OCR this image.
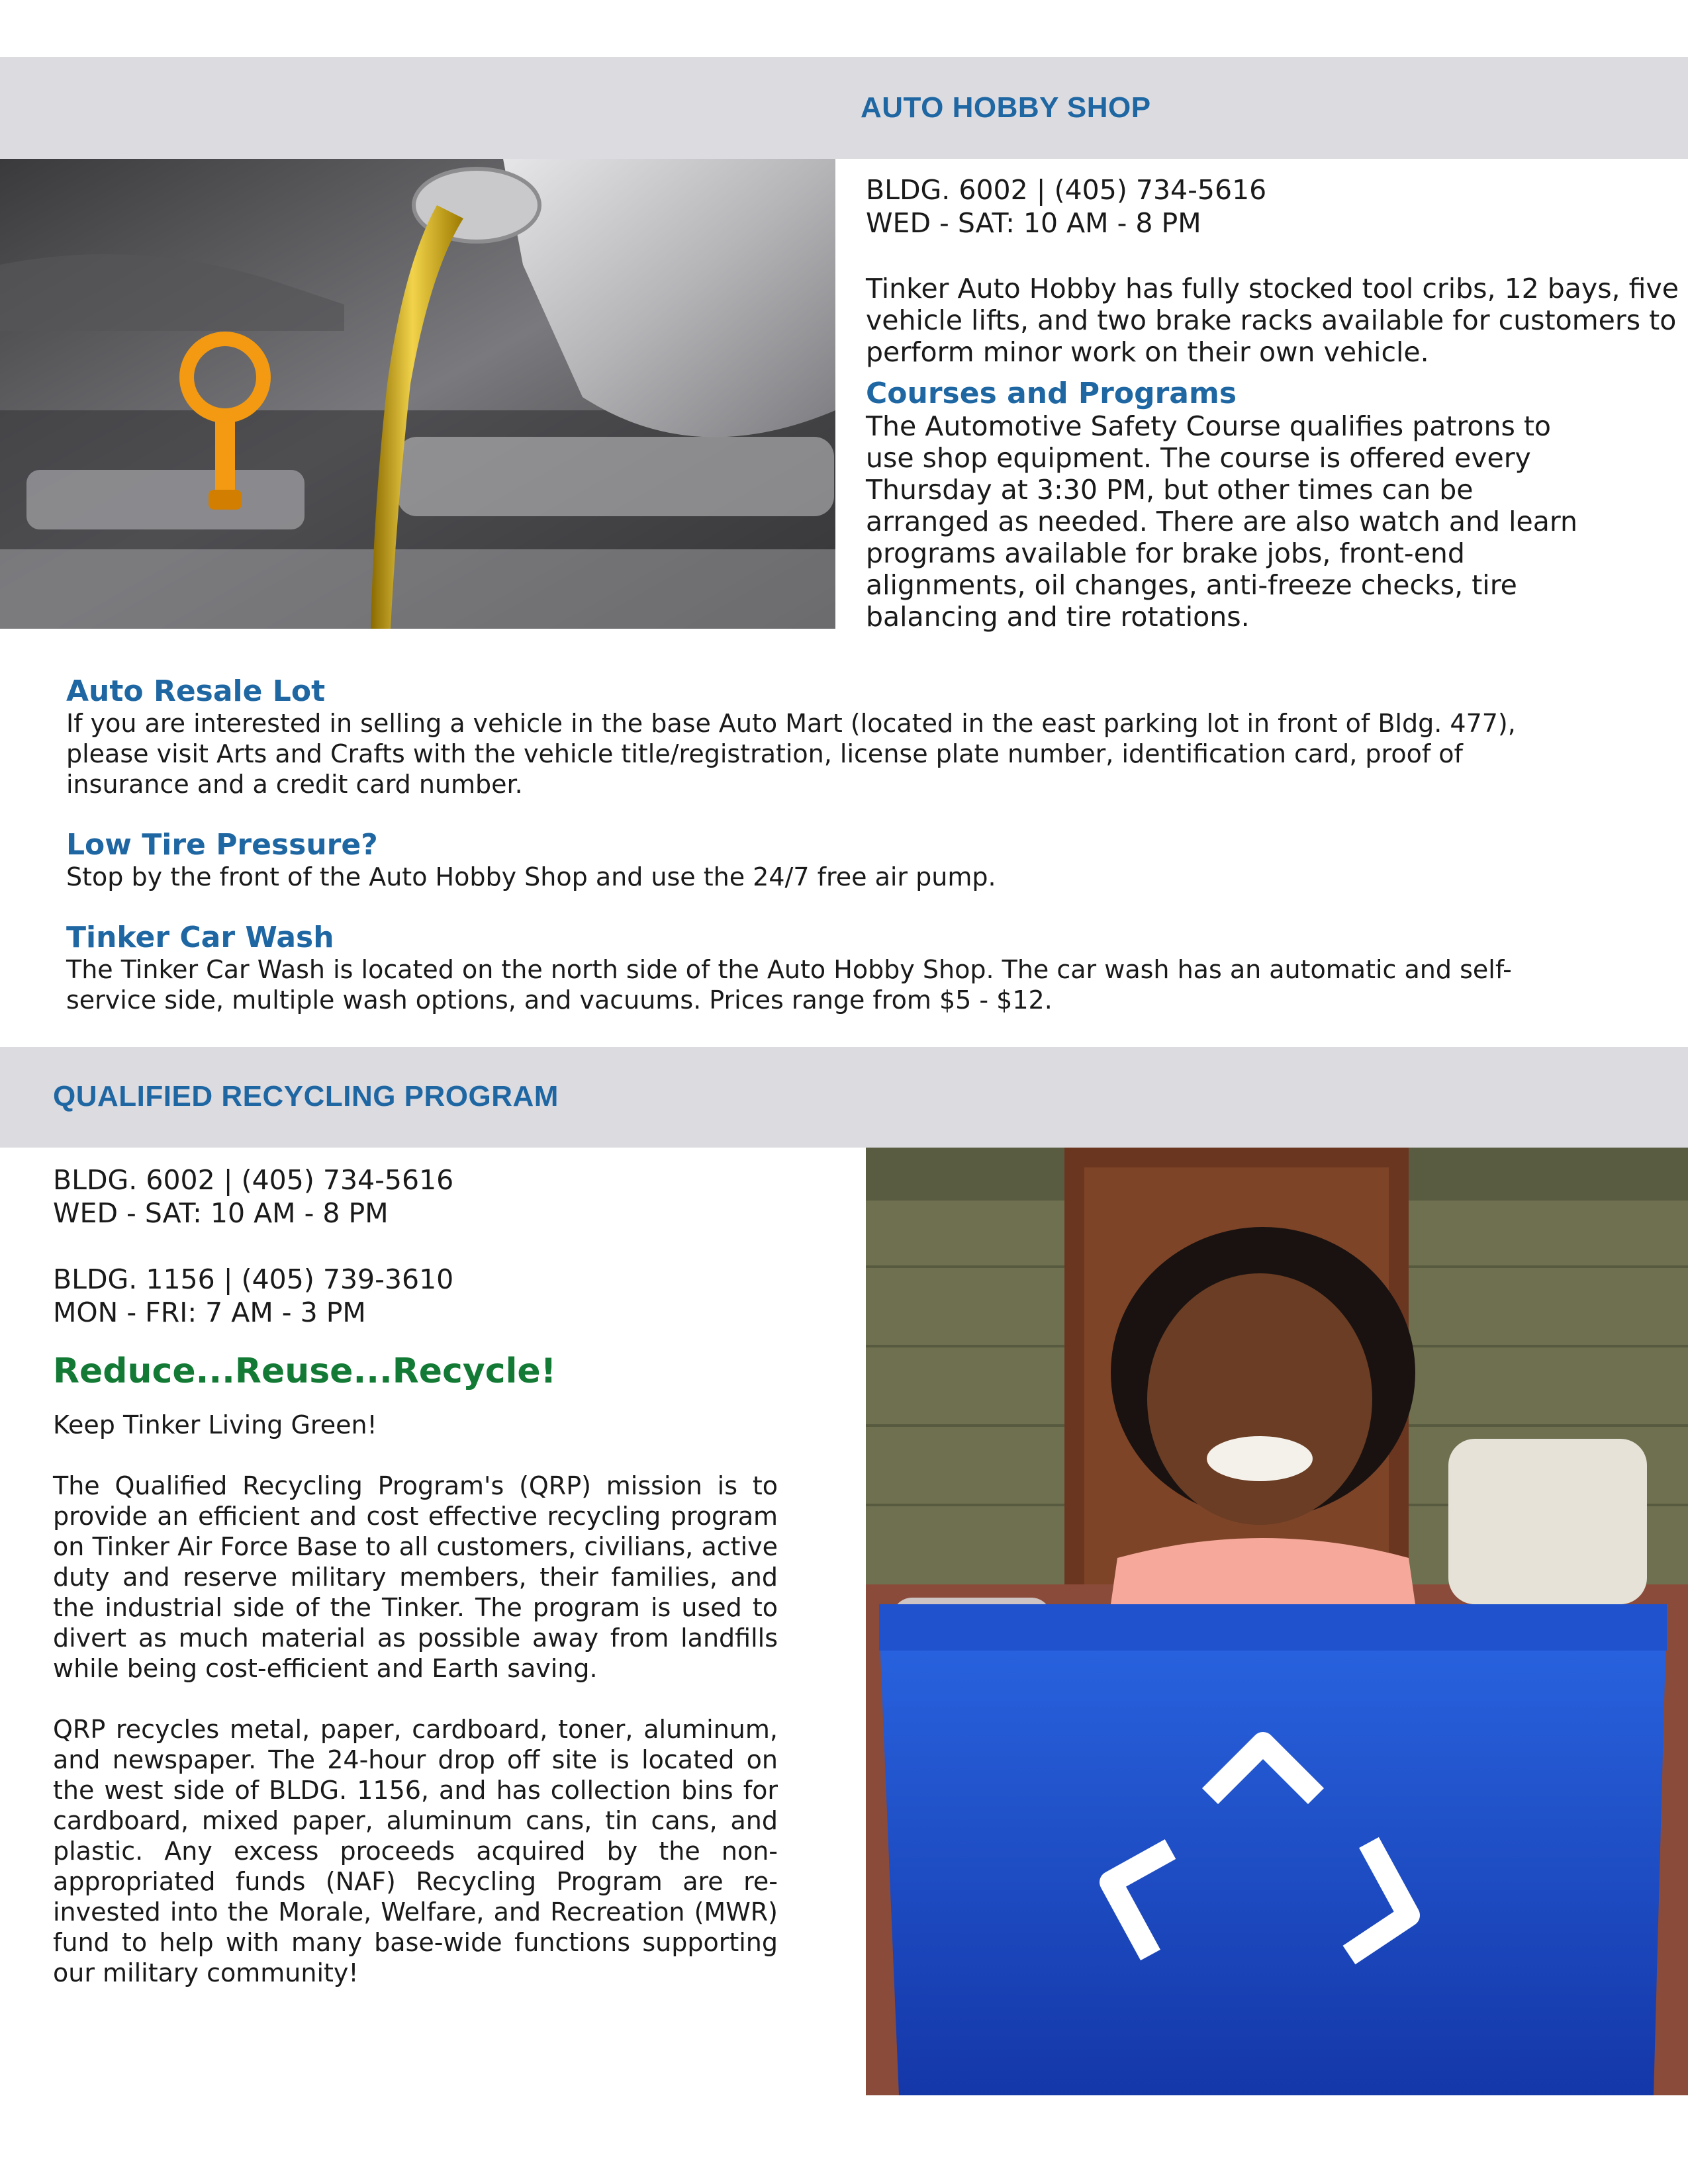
AUTO HOBBY SHOP
BLDG. 6002 | (405) 734-5616
WED - SAT: 10 AM - 8 PM

Tinker Auto Hobby has fully stocked tool cribs, 12 bays, five vehicle lifts, and two brake racks available for customers to perform minor work on their own vehicle.

Courses and Programs

The Automotive Safety Course qualifies patrons to use shop equipment. The course is offered every Thursday at 3:30 PM, but other times can be arranged as needed. There are also watch and learn programs available for brake jobs, front-end alignments, oil changes, anti-freeze checks, tire balancing and tire rotations.

Auto Resale Lot

If you are interested in selling a vehicle in the base Auto Mart (located in the east parking lot in front of Bldg. 477), please visit Arts and Crafts with the vehicle title/registration, license plate number, identification card, proof of insurance and a credit card number.

Low Tire Pressure?

Stop by the front of the Auto Hobby Shop and use the 24/7 free air pump.

Tinker Car Wash

The Tinker Car Wash is located on the north side of the Auto Hobby Shop. The car wash has an automatic and self-service side, multiple wash options, and vacuums. Prices range from $5 - $12.

QUALIFIED RECYCLING PROGRAM
BLDG. 6002 | (405) 734-5616
WED - SAT: 10 AM - 8 PM
BLDG. 1156 | (405) 739-3610
MON - FRI: 7 AM - 3 PM
Reduce...Reuse...Recycle!

Keep Tinker Living Green!

The Qualified Recycling Program's (QRP) mission is to provide an efficient and cost effective recycling program on Tinker Air Force Base to all customers, civilians, active duty and reserve military members, their families, and the industrial side of the Tinker. The program is used to divert as much material as possible away from landfills while being cost-efficient and Earth saving.

QRP recycles metal, paper, cardboard, toner, aluminum, and newspaper. The 24-hour drop off site is located on the west side of BLDG. 1156, and has collection bins for cardboard, mixed paper, aluminum cans, tin cans, and plastic. Any excess proceeds acquired by the non-appropriated funds (NAF) Recycling Program are re-invested into the Morale, Welfare, and Recreation (MWR) fund to help with many base-wide functions supporting our military community!
